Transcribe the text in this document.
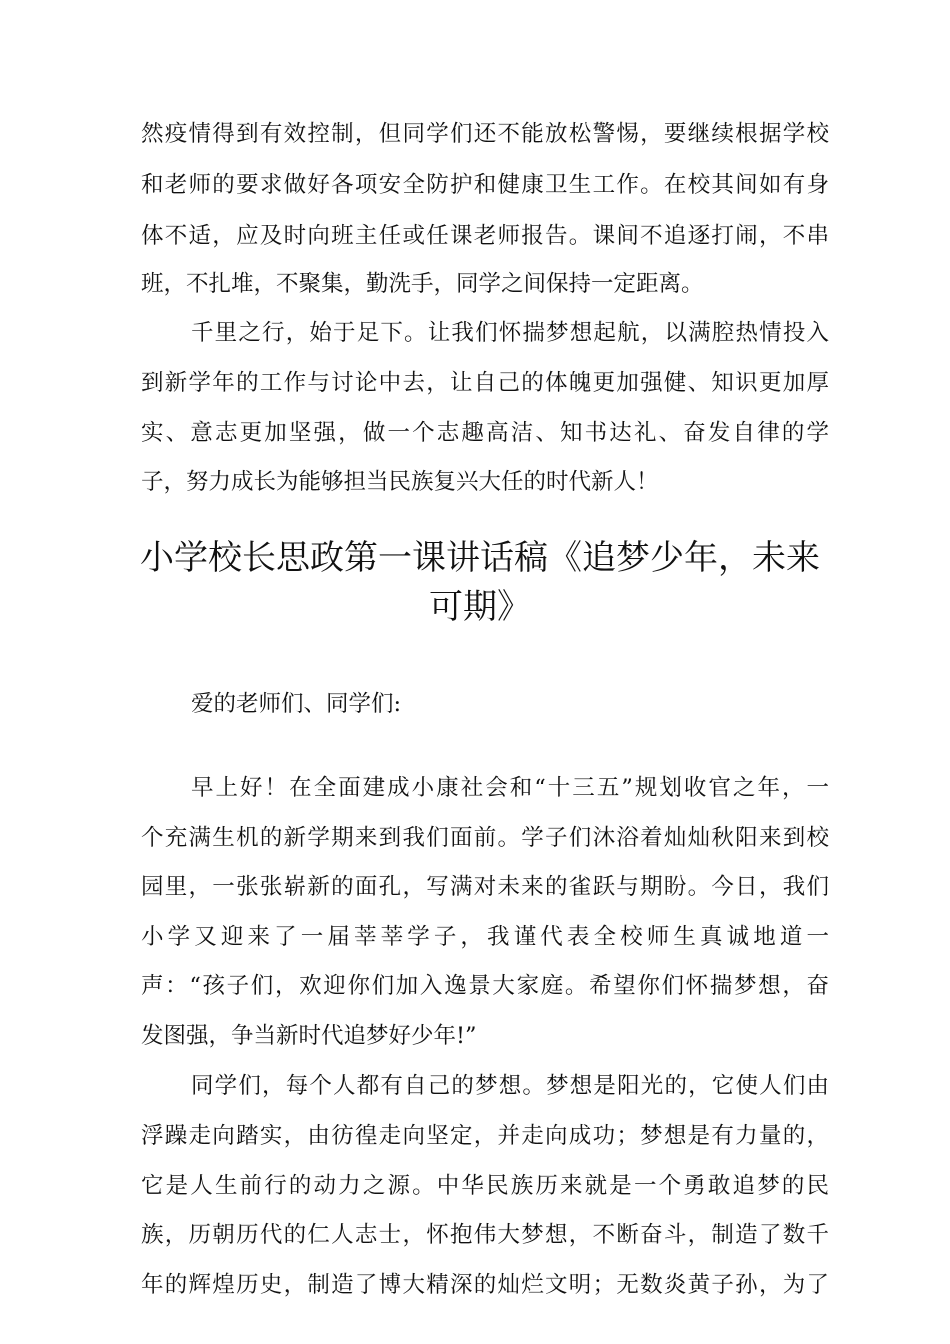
然疫情得到有效控制，但同学们还不能放松警惕，要继续根据学校
和老师的要求做好各项安全防护和健康卫生工作。在校其间如有身
体不适，应及时向班主任或任课老师报告。课间不追逐打闹，不串
班，不扎堆，不聚集，勤洗手，同学之间保持一定距离。
千里之行，始于足下。让我们怀揣梦想起航，以满腔热情投入
到新学年的工作与讨论中去，让自己的体魄更加强健、知识更加厚
实、意志更加坚强，做一个志趣高洁、知书达礼、奋发自律的学
子，努力成长为能够担当民族复兴大任的时代新人！
小学校长思政第一课讲话稿《追梦少年，未来
可期》
爱的老师们、同学们:
早上好！在全面建成小康社会和“十三五”规划收官之年，一
个充满生机的新学期来到我们面前。学子们沐浴着灿灿秋阳来到校
园里，一张张崭新的面孔，写满对未来的雀跃与期盼。今日，我们
小学又迎来了一届莘莘学子，我谨代表全校师生真诚地道一
声：“孩子们，欢迎你们加入逸景大家庭。希望你们怀揣梦想，奋
发图强，争当新时代追梦好少年!”
同学们，每个人都有自己的梦想。梦想是阳光的，它使人们由
浮躁走向踏实，由彷徨走向坚定，并走向成功；梦想是有力量的，
它是人生前行的动力之源。中华民族历来就是一个勇敢追梦的民
族，历朝历代的仁人志士，怀抱伟大梦想，不断奋斗，制造了数千
年的辉煌历史，制造了博大精深的灿烂文明；无数炎黄子孙，为了
